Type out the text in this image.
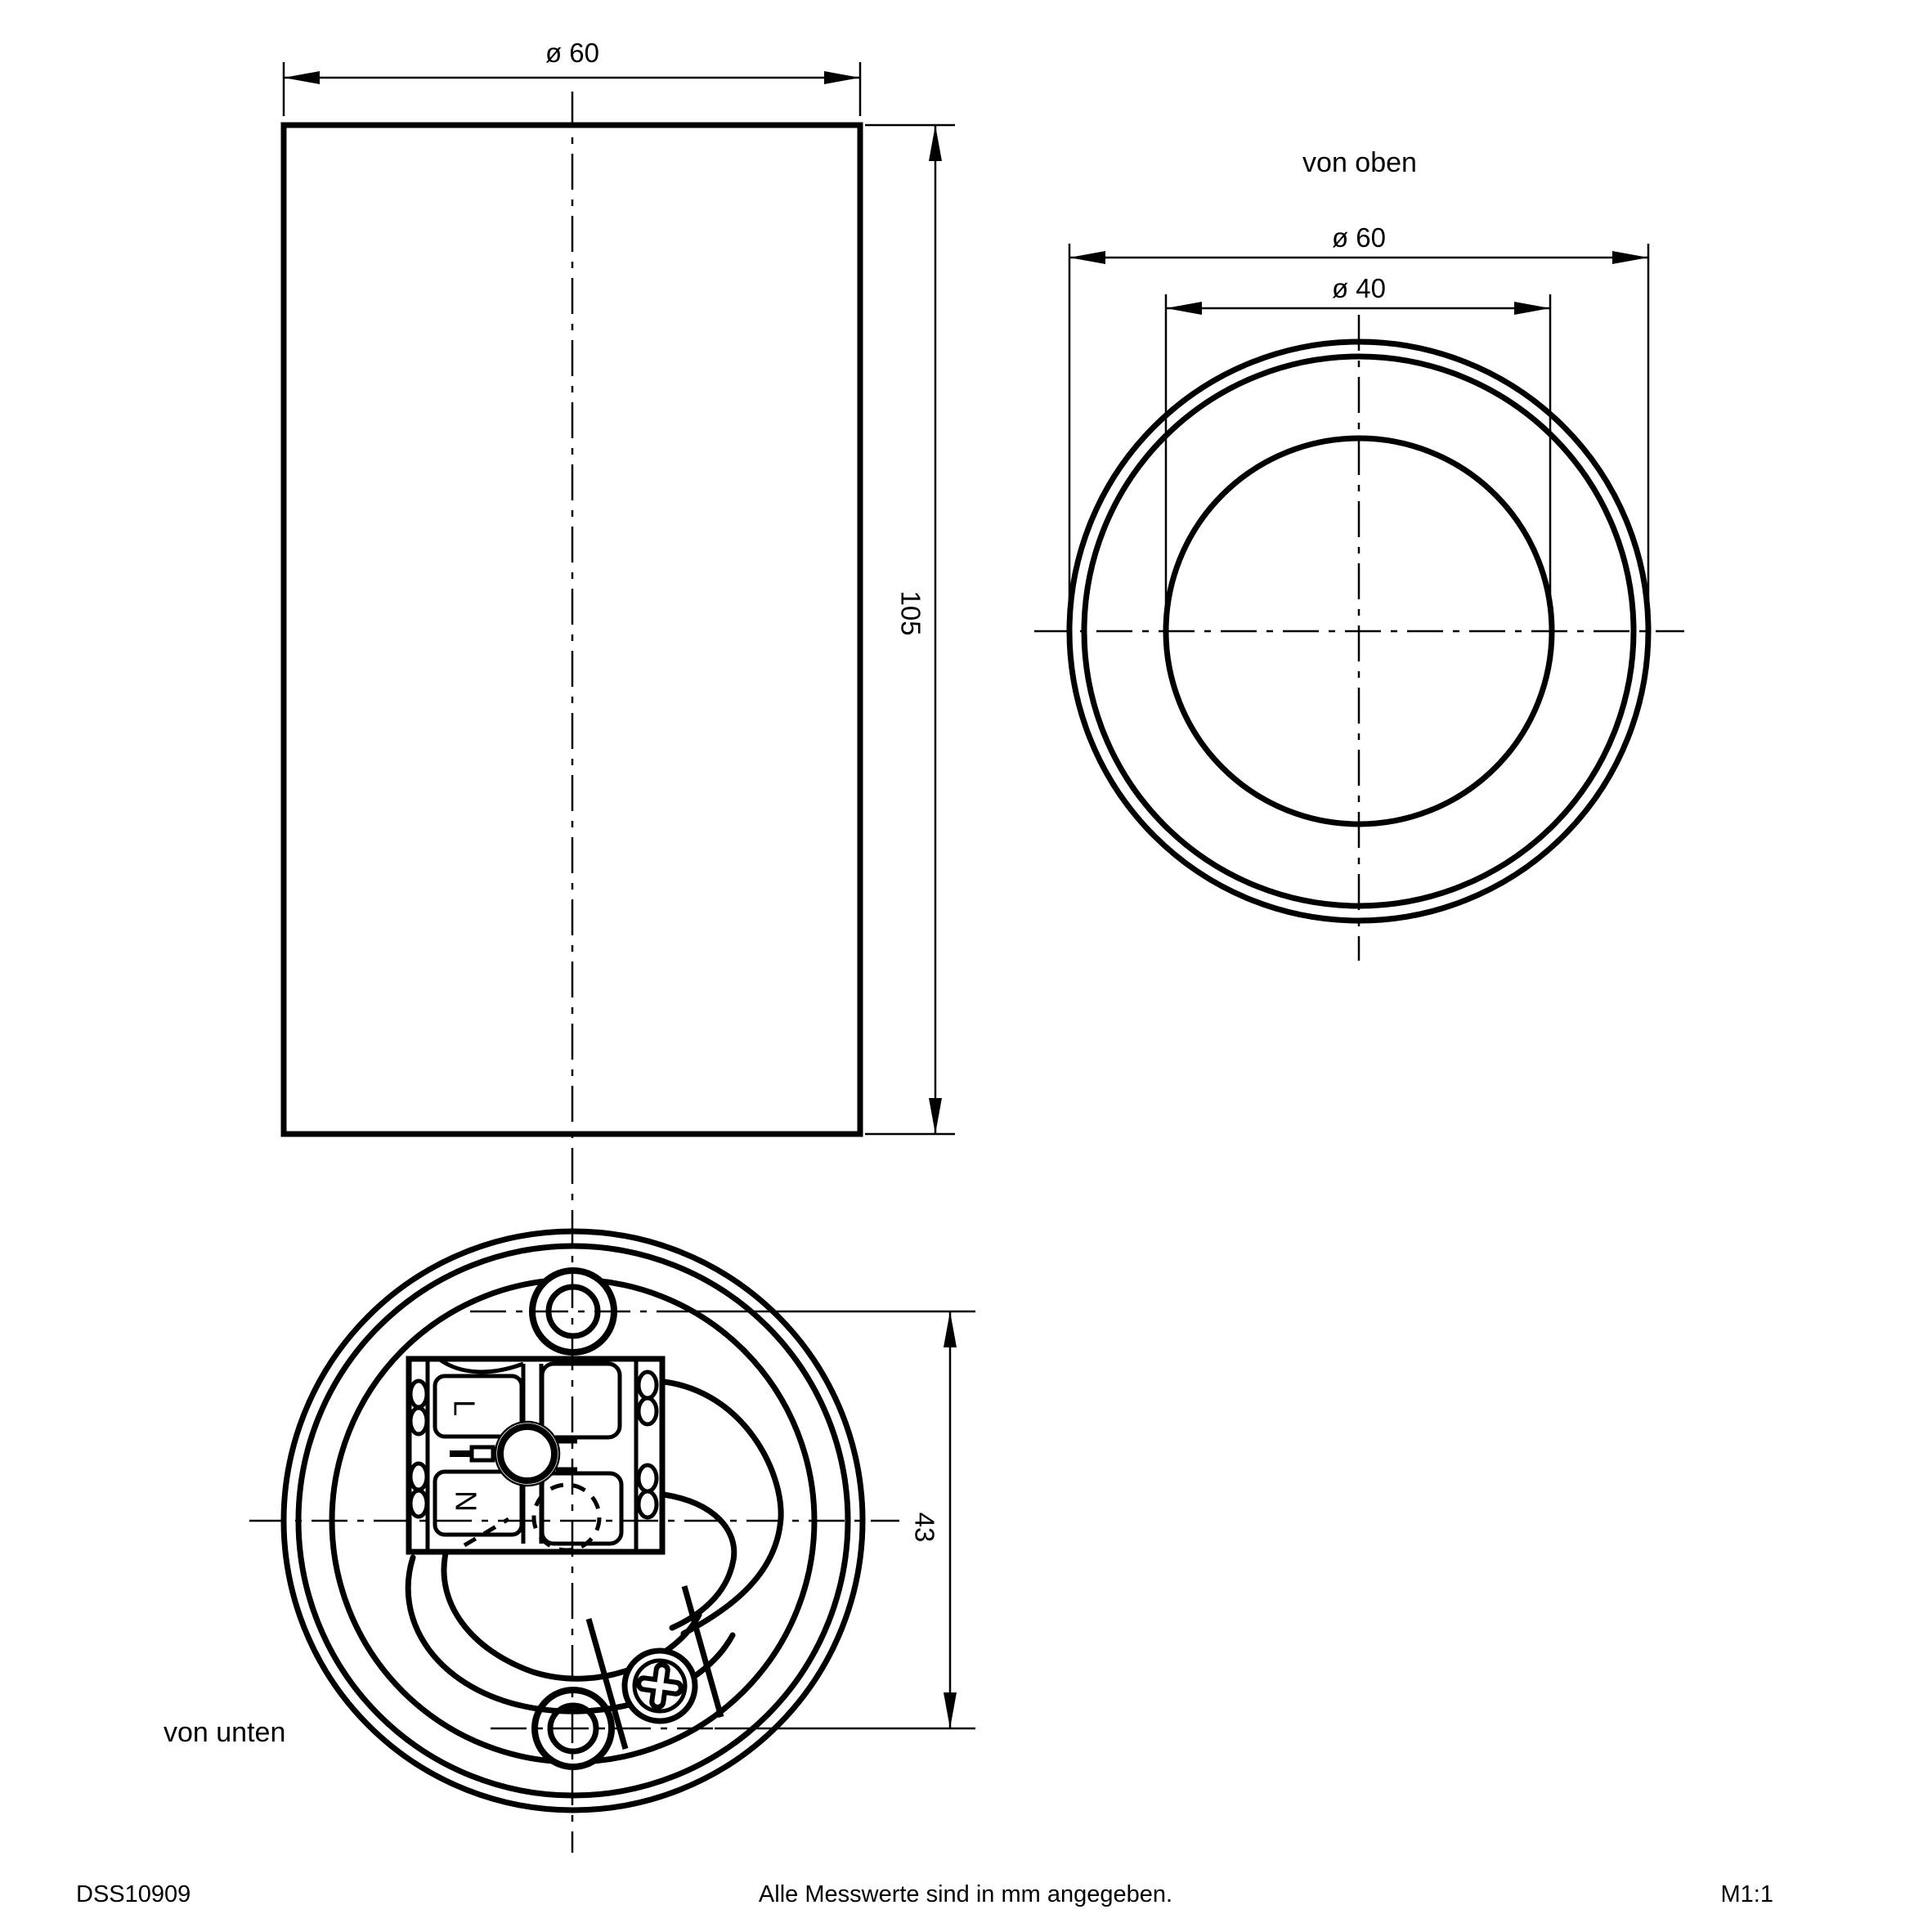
ø 60
105
von oben
ø 60
ø 40
L
N
43
von unten
DSS10909	Alle Messwerte sind in mm angegeben.	M1:1
